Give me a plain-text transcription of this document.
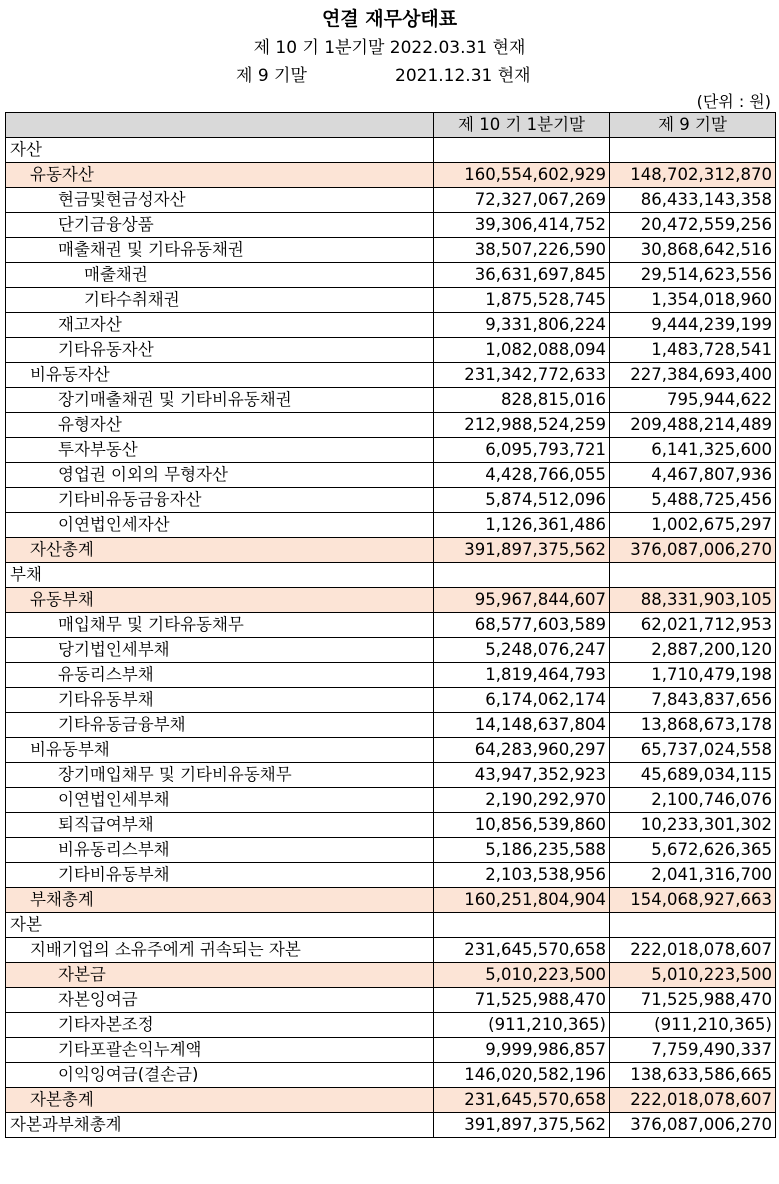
연결 재무상태표
제 10 기 1분기말 2022.03.31 현재
제 9 기말	2021.12.31 현재
(단위 : 원)
	제 10 기 1분기말	제 9 기말
자산		
유동자산	160,554,602,929	148,702,312,870
현금및현금성자산	72,327,067,269	86,433,143,358
단기금융상품	39,306,414,752	20,472,559,256
매출채권 및 기타유동채권	38,507,226,590	30,868,642,516
매출채권	36,631,697,845	29,514,623,556
기타수취채권	1,875,528,745	1,354,018,960
재고자산	9,331,806,224	9,444,239,199
기타유동자산	1,082,088,094	1,483,728,541
비유동자산	231,342,772,633	227,384,693,400
장기매출채권 및 기타비유동채권	828,815,016	795,944,622
유형자산	212,988,524,259	209,488,214,489
투자부동산	6,095,793,721	6,141,325,600
영업권 이외의 무형자산	4,428,766,055	4,467,807,936
기타비유동금융자산	5,874,512,096	5,488,725,456
이연법인세자산	1,126,361,486	1,002,675,297
자산총계	391,897,375,562	376,087,006,270
부채		
유동부채	95,967,844,607	88,331,903,105
매입채무 및 기타유동채무	68,577,603,589	62,021,712,953
당기법인세부채	5,248,076,247	2,887,200,120
유동리스부채	1,819,464,793	1,710,479,198
기타유동부채	6,174,062,174	7,843,837,656
기타유동금융부채	14,148,637,804	13,868,673,178
비유동부채	64,283,960,297	65,737,024,558
장기매입채무 및 기타비유동채무	43,947,352,923	45,689,034,115
이연법인세부채	2,190,292,970	2,100,746,076
퇴직급여부채	10,856,539,860	10,233,301,302
비유동리스부채	5,186,235,588	5,672,626,365
기타비유동부채	2,103,538,956	2,041,316,700
부채총계	160,251,804,904	154,068,927,663
자본		
지배기업의 소유주에게 귀속되는 자본	231,645,570,658	222,018,078,607
자본금	5,010,223,500	5,010,223,500
자본잉여금	71,525,988,470	71,525,988,470
기타자본조정	(911,210,365)	(911,210,365)
기타포괄손익누계액	9,999,986,857	7,759,490,337
이익잉여금(결손금)	146,020,582,196	138,633,586,665
자본총계	231,645,570,658	222,018,078,607
자본과부채총계	391,897,375,562	376,087,006,270
